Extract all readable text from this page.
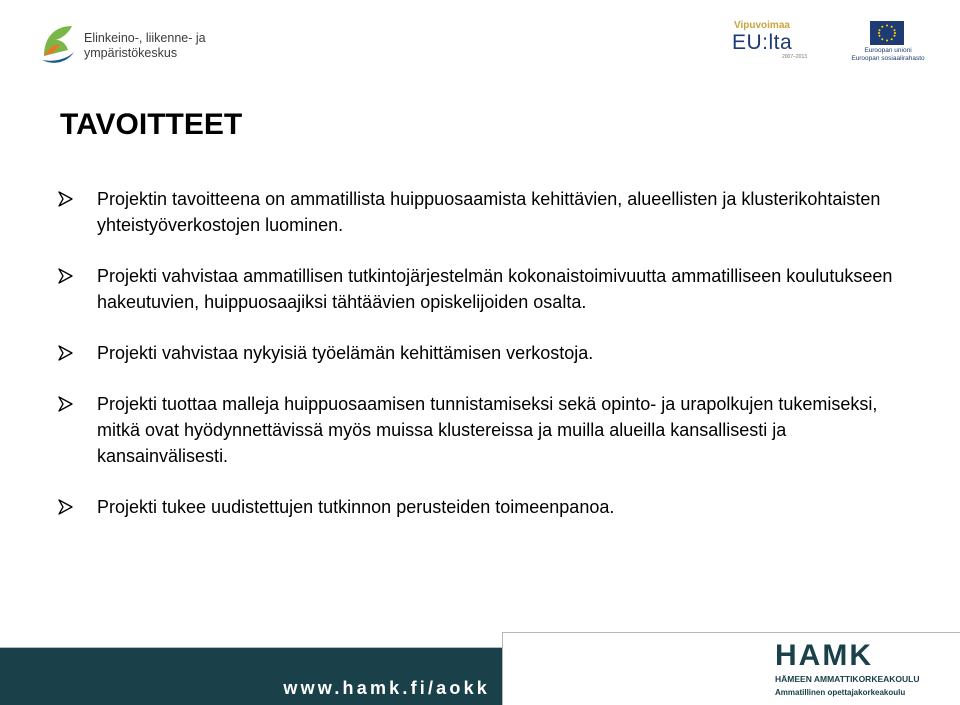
Elinkeino-, liikenne- ja
ympäristökeskus
Vipuvoimaa
EU:lta
2007–2013
Euroopan unioni
Euroopan sosiaalirahasto
TAVOITTEET
Projektin tavoitteena on ammatillista huippuosaamista kehittävien, alueellisten ja klusterikohtaisten yhteistyöverkostojen luominen.
Projekti vahvistaa ammatillisen tutkintojärjestelmän kokonaistoimivuutta ammatilliseen koulutukseen hakeutuvien, huippuosaajiksi tähtäävien opiskelijoiden osalta.
Projekti vahvistaa nykyisiä työelämän kehittämisen verkostoja.
Projekti tuottaa malleja huippuosaamisen tunnistamiseksi sekä opinto- ja urapolkujen tukemiseksi, mitkä ovat hyödynnettävissä myös muissa klustereissa ja muilla alueilla kansallisesti ja kansainvälisesti.
Projekti tukee uudistettujen tutkinnon perusteiden toimeenpanoa.
www.hamk.fi/aokk
HAMK
HÄMEEN AMMATTIKORKEAKOULU
Ammatillinen opettajakorkeakoulu
